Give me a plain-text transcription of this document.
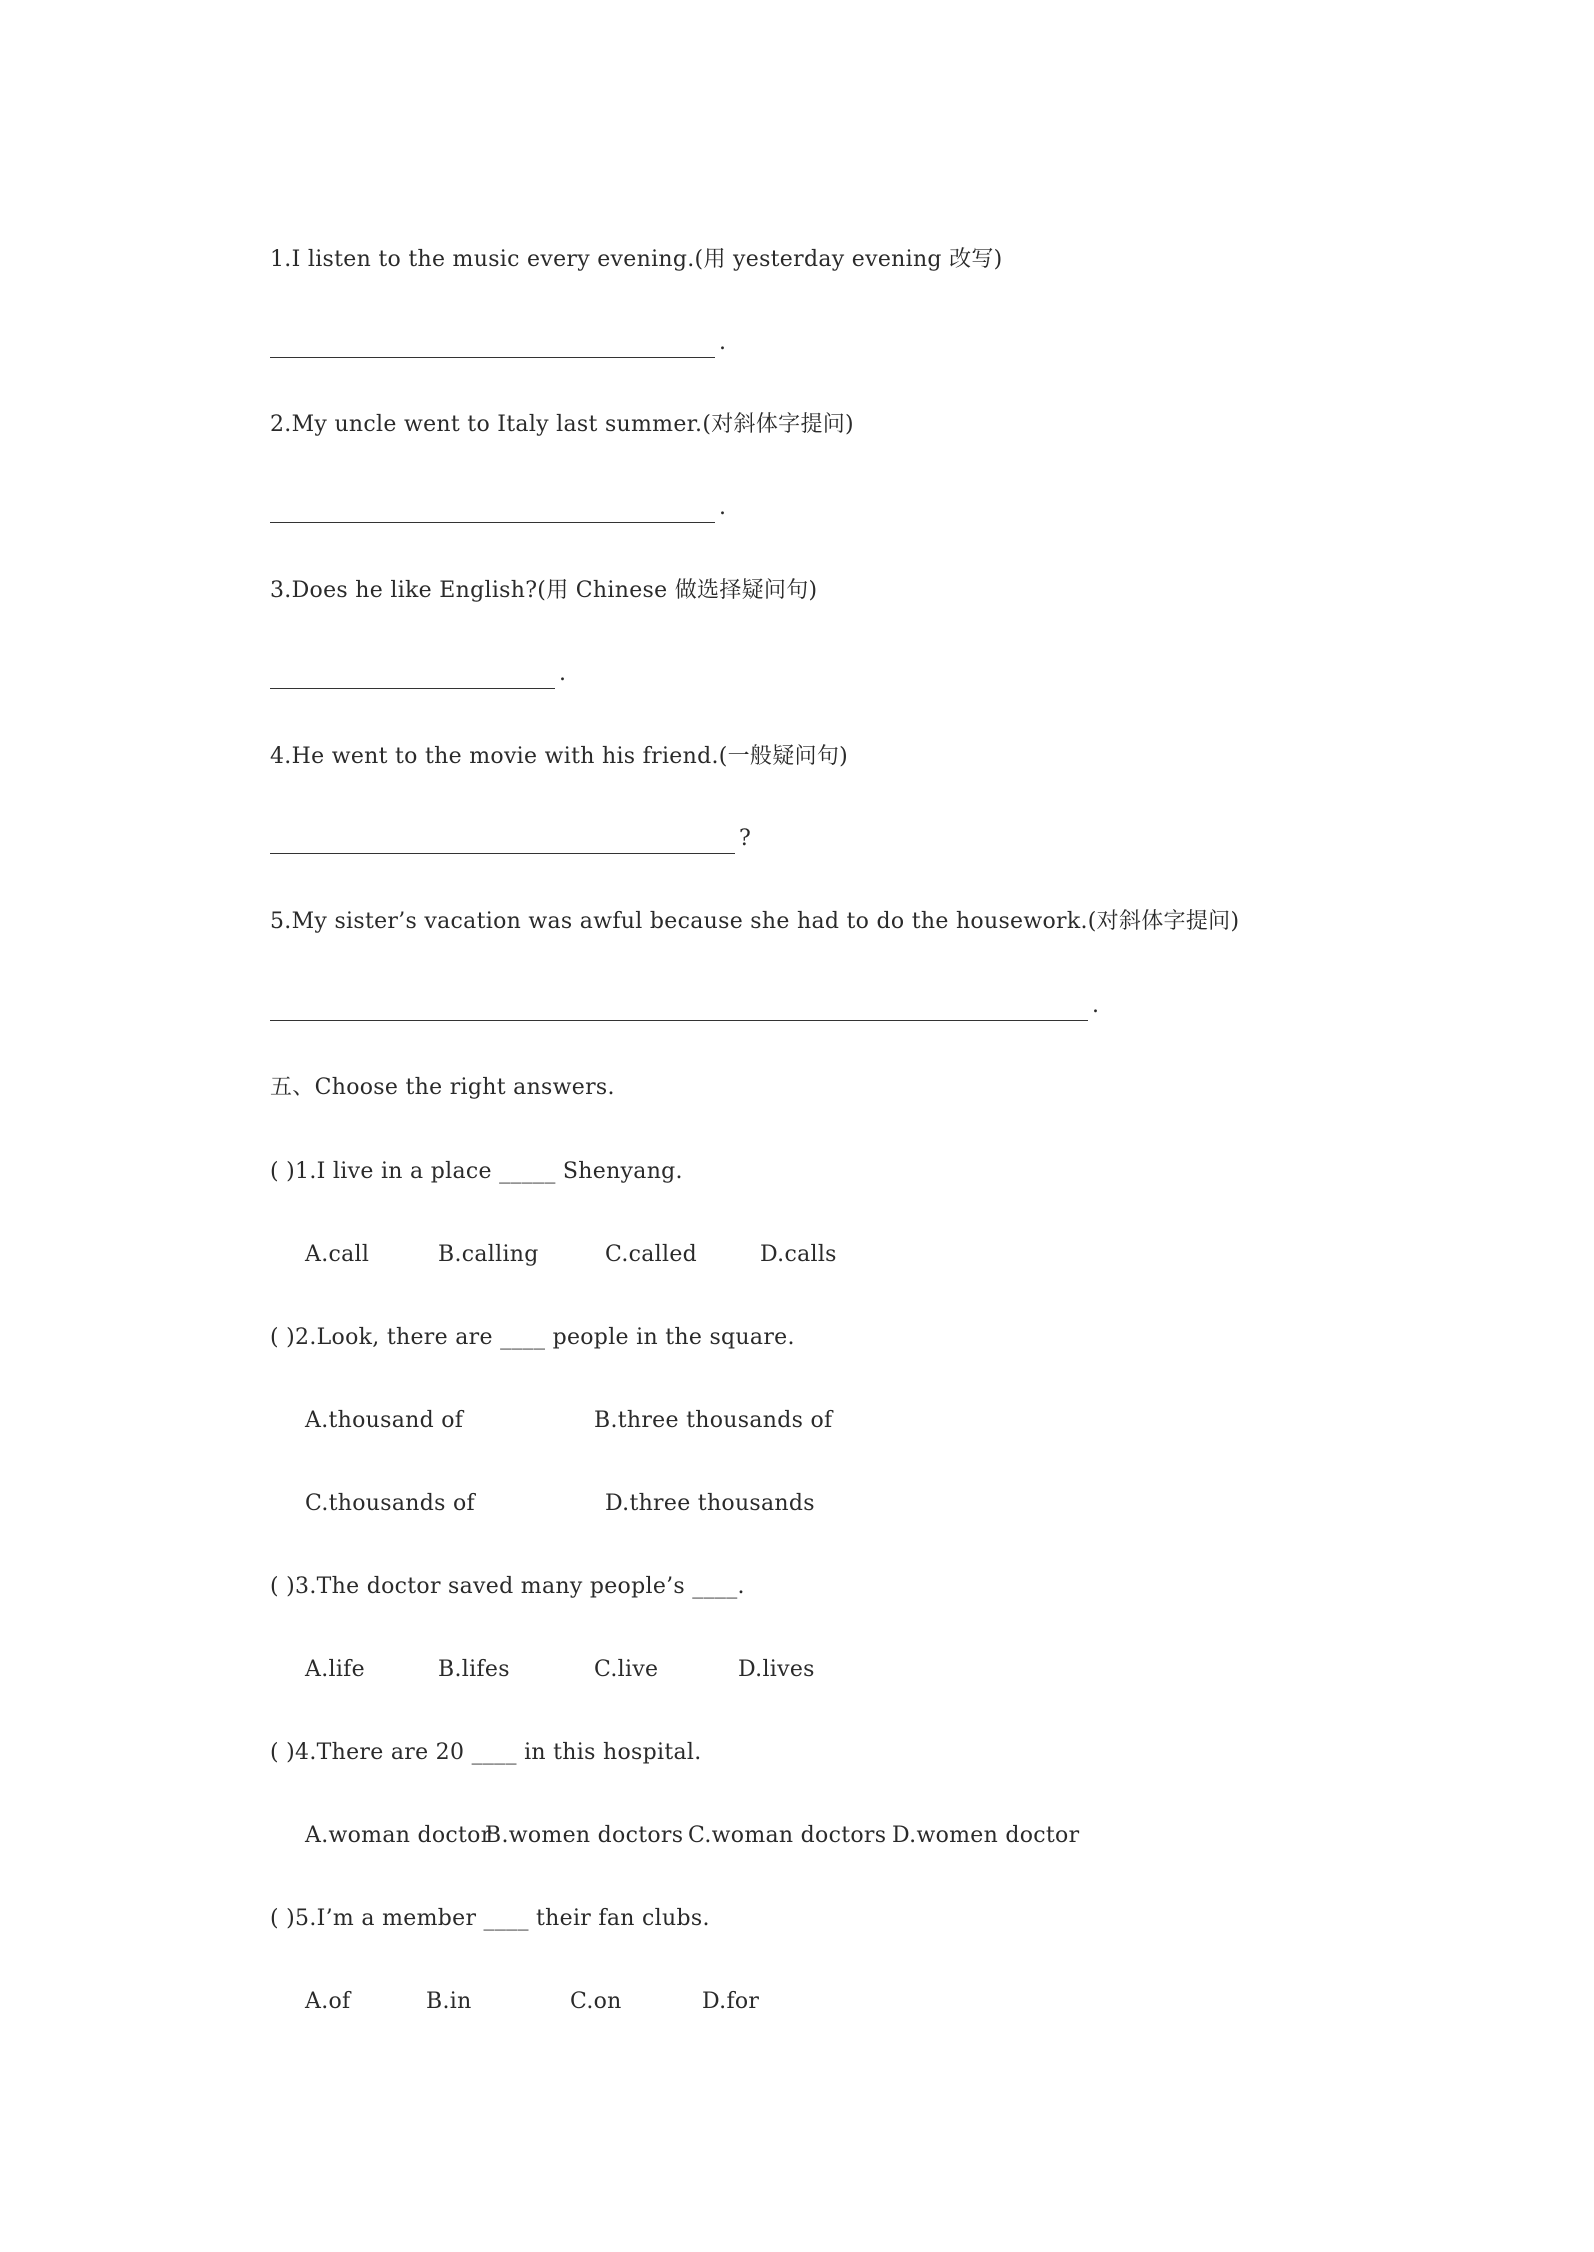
1.I listen to the music every evening.(用 yesterday evening 改写)
.
2.My uncle went to Italy last summer.(对斜体字提问)
.
3.Does he like English?(用 Chinese 做选择疑问句)
.
4.He went to the movie with his friend.(一般疑问句)
?
5.My sister’s vacation was awful because she had to do the housework.(对斜体字提问)
.
五、Choose the right answers.
( )1.I live in a place _____ Shenyang.
A.call	B.calling	C.called	D.calls
( )2.Look, there are ____ people in the square.
A.thousand of	B.three thousands of
C.thousands of	D.three thousands
( )3.The doctor saved many people’s ____.
A.life	B.lifes	C.live	D.lives
( )4.There are 20 ____ in this hospital.
A.woman doctor
B.women doctors C.woman doctors D.women doctor
( )5.I’m a member ____ their fan clubs.
A.of	B.in	C.on	D.for
